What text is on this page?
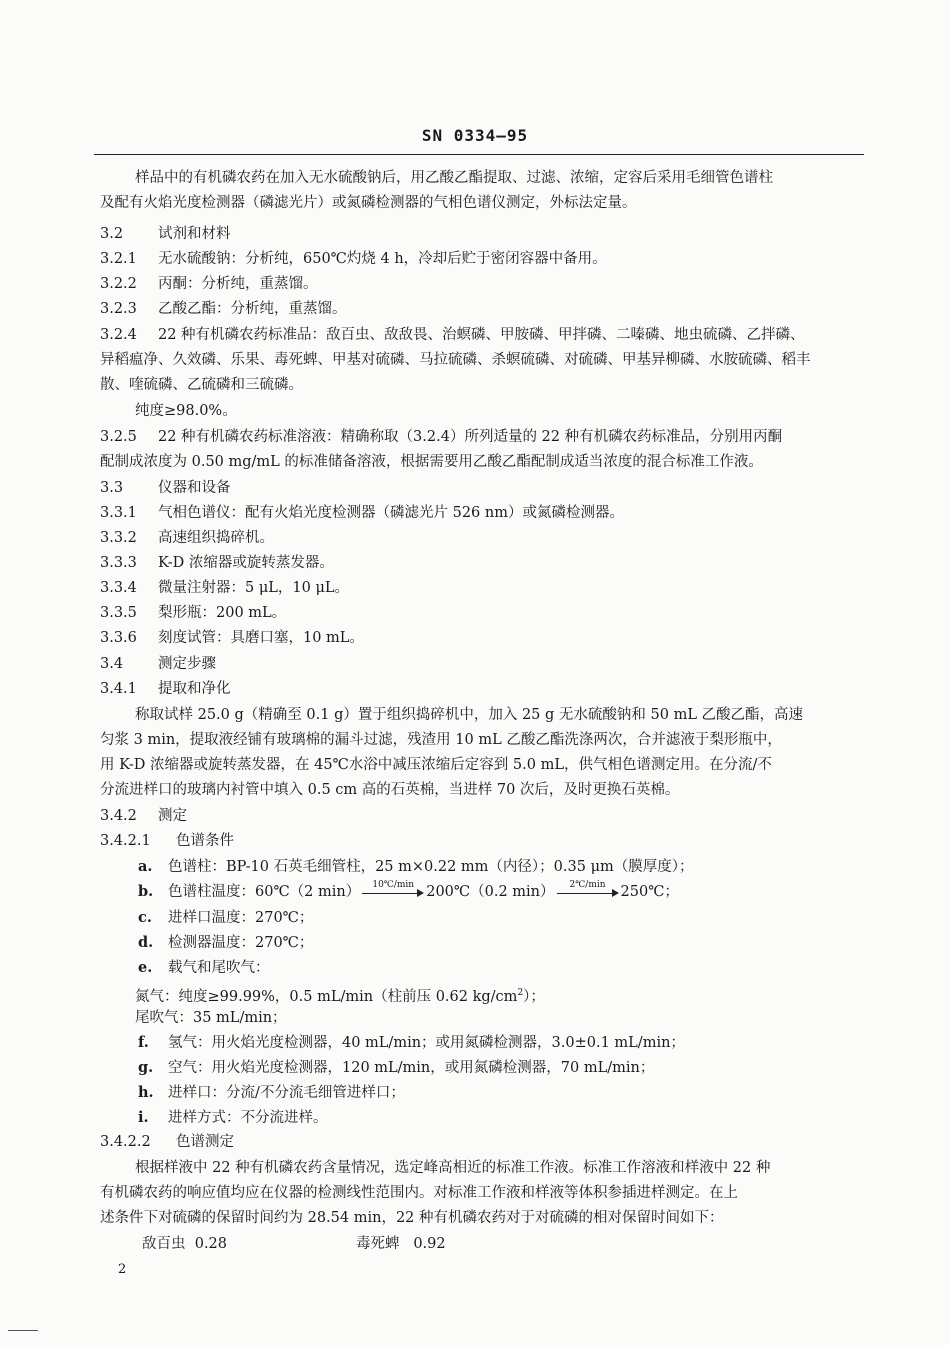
SN 0334—95
样品中的有机磷农药在加入无水硫酸钠后，用乙酸乙酯提取、过滤、浓缩，定容后采用毛细管色谱柱
及配有火焰光度检测器（磷滤光片）或氮磷检测器的气相色谱仪测定，外标法定量。
3.2 试剂和材料
3.2.1 无水硫酸钠：分析纯，650℃灼烧 4 h，冷却后贮于密闭容器中备用。
3.2.2 丙酮：分析纯，重蒸馏。
3.2.3 乙酸乙酯：分析纯，重蒸馏。
3.2.4 22 种有机磷农药标准品：敌百虫、敌敌畏、治螟磷、甲胺磷、甲拌磷、二嗪磷、地虫硫磷、乙拌磷、
异稻瘟净、久效磷、乐果、毒死蜱、甲基对硫磷、马拉硫磷、杀螟硫磷、对硫磷、甲基异柳磷、水胺硫磷、稻丰
散、喹硫磷、乙硫磷和三硫磷。
纯度≥98.0%。
3.2.5 22 种有机磷农药标准溶液：精确称取（3.2.4）所列适量的 22 种有机磷农药标准品，分别用丙酮
配制成浓度为 0.50 mg/mL 的标准储备溶液，根据需要用乙酸乙酯配制成适当浓度的混合标准工作液。
3.3 仪器和设备
3.3.1 气相色谱仪：配有火焰光度检测器（磷滤光片 526 nm）或氮磷检测器。
3.3.2 高速组织捣碎机。
3.3.3 K-D 浓缩器或旋转蒸发器。
3.3.4 微量注射器：5 μL，10 μL。
3.3.5 梨形瓶：200 mL。
3.3.6 刻度试管：具磨口塞，10 mL。
3.4 测定步骤
3.4.1 提取和净化
称取试样 25.0 g（精确至 0.1 g）置于组织捣碎机中，加入 25 g 无水硫酸钠和 50 mL 乙酸乙酯，高速
匀浆 3 min，提取液经铺有玻璃棉的漏斗过滤，残渣用 10 mL 乙酸乙酯洗涤两次，合并滤液于梨形瓶中，
用 K-D 浓缩器或旋转蒸发器，在 45℃水浴中减压浓缩后定容到 5.0 mL，供气相色谱测定用。在分流/不
分流进样口的玻璃内衬管中填入 0.5 cm 高的石英棉，当进样 70 次后，及时更换石英棉。
3.4.2 测定
3.4.2.1 色谱条件
a. 色谱柱：BP-10 石英毛细管柱，25 m×0.22 mm（内径）；0.35 μm（膜厚度）；
b. 色谱柱温度：60℃（2 min）	10℃/min 200℃（0.2 min）	2℃/min	250℃；
c. 进样口温度：270℃；
d. 检测器温度：270℃；
e. 载气和尾吹气：
氮气：纯度≥99.99%，0.5 mL/min（柱前压 0.62 $kg/cm^2$）；
尾吹气：35 mL/min；
f. 氢气：用火焰光度检测器，40 mL/min；或用氮磷检测器，3.0±0.1 mL/min；
g. 空气：用火焰光度检测器，120 mL/min，或用氮磷检测器，70 mL/min；
h. 进样口：分流/不分流毛细管进样口；
i. 进样方式：不分流进样。
3.4.2.2 色谱测定
根据样液中 22 种有机磷农药含量情况，选定峰高相近的标准工作液。标准工作溶液和样液中 22 种
有机磷农药的响应值均应在仪器的检测线性范围内。对标准工作液和样液等体积参插进样测定。在上
述条件下对硫磷的保留时间约为 28.54 min，22 种有机磷农药对于对硫磷的相对保留时间如下：
敌百虫 0.28	毒死蜱 0.92
2
